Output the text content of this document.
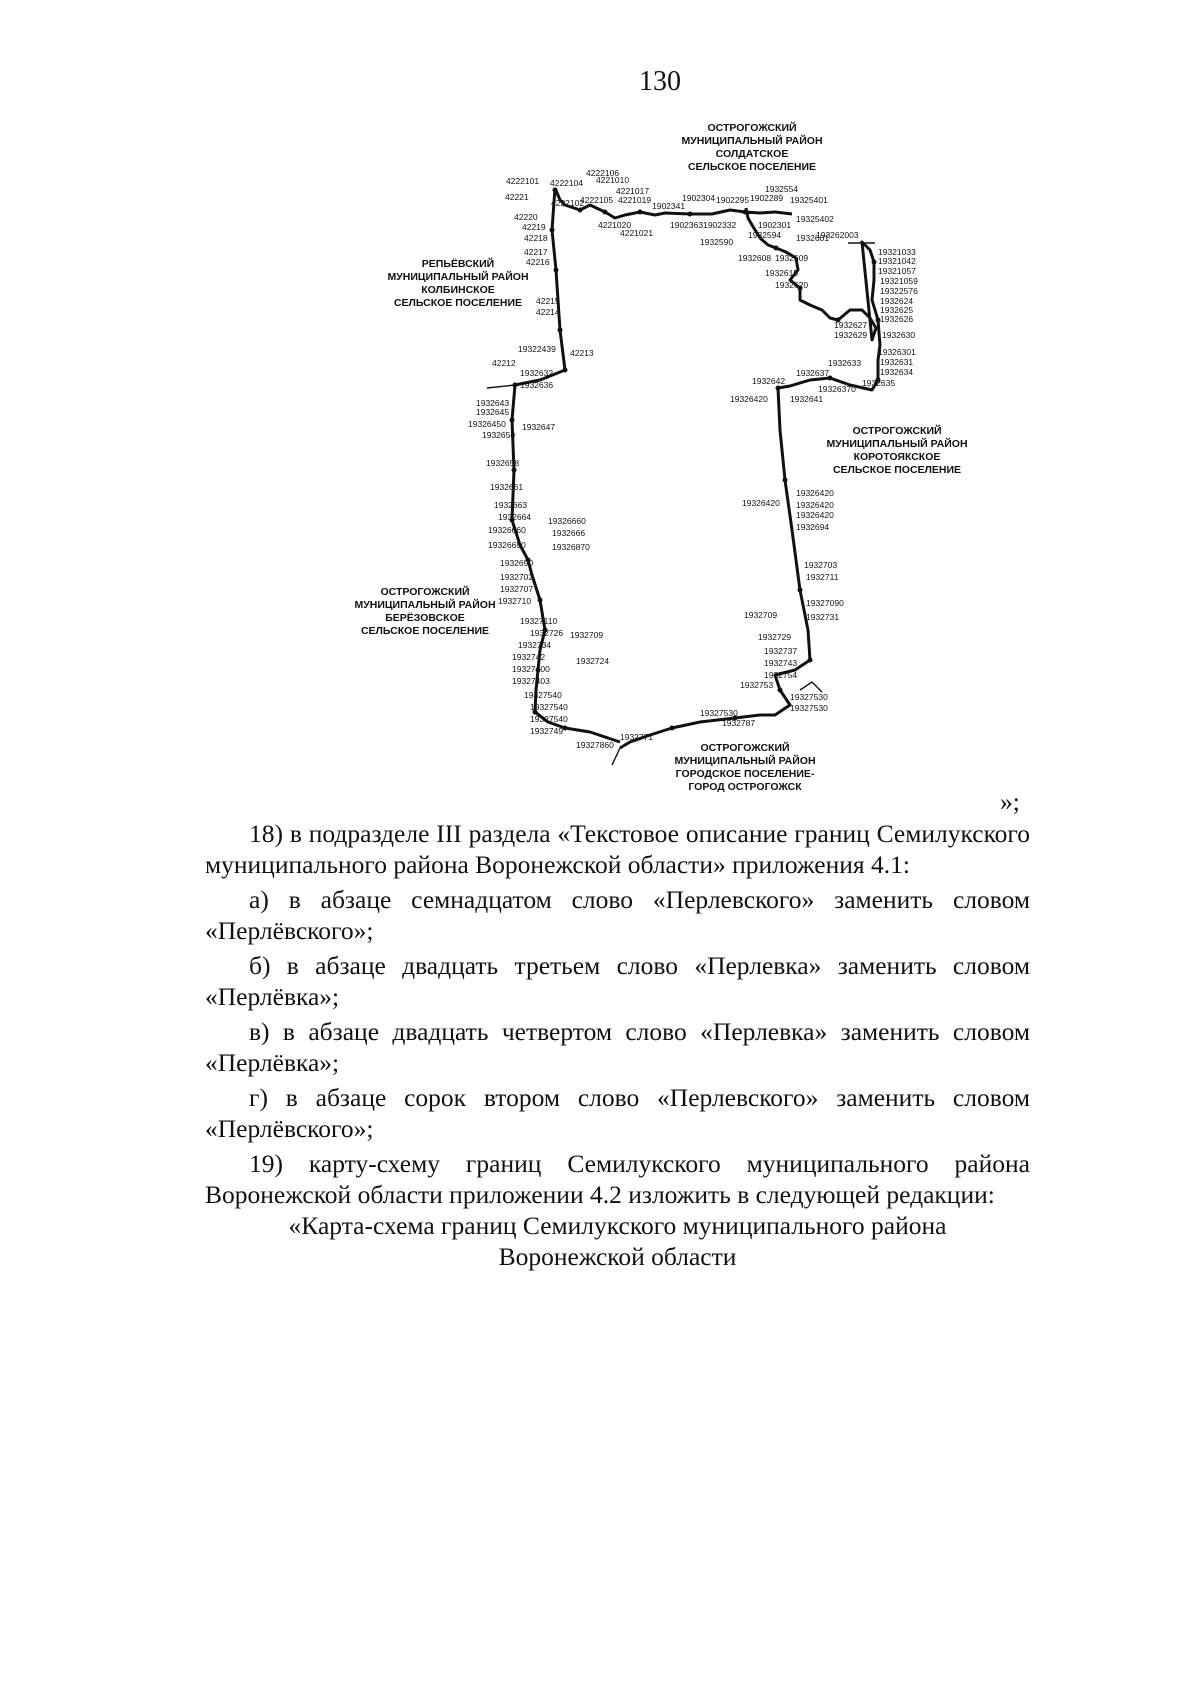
130
ОСТРОГОЖСКИЙ
МУНИЦИПАЛЬНЫЙ РАЙОН
СОЛДАТСКОЕ
СЕЛЬСКОЕ ПОСЕЛЕНИЕ
РЕПЬЁВСКИЙ
МУНИЦИПАЛЬНЫЙ РАЙОН
КОЛБИНСКОЕ
СЕЛЬСКОЕ ПОСЕЛЕНИЕ
ОСТРОГОЖСКИЙ
МУНИЦИПАЛЬНЫЙ РАЙОН
КОРОТОЯКСКОЕ
СЕЛЬСКОЕ ПОСЕЛЕНИЕ
ОСТРОГОЖСКИЙ
МУНИЦИПАЛЬНЫЙ РАЙОН
БЕРЁЗОВСКОЕ
СЕЛЬСКОЕ ПОСЕЛЕНИЕ
ОСТРОГОЖСКИЙ
МУНИЦИПАЛЬНЫЙ РАЙОН
ГОРОДСКОЕ ПОСЕЛЕНИЕ-
ГОРОД ОСТРОГОЖСК
4222101 4222104
4222106
4221010
4221017
4221019
42221
4222102
4222105	1902304 1902295 1902289
1932554
19325401
1902341
42220
42219	4221020
4221021
19023631902332	1902301
1932594
19325402
42218
42217
42216
1932590	1932601
193262003
1932608 1932609
1932615
1932620
19321033
19321042
19321057
19321059
19322576
42215
42214
1932624
1932625
1932626
1932627
1932629 1932630
19322439 42213
42212
1932632
1932636
19326301
1932631
1932634
1932633
1932637
1932635
1932642
19326370
1932643
1932645
1932650
19326450 1932647
19326420	1932641
1932658
1932661
1932663
1932664 19326660
19326660	1932666
19326690	19326870
1932690
1932702
1932707
1932710
19326420
19326420 19326420
19326420
1932694
1932703
1932711
19327110
1932726 1932709
19327090
1932709	1932731
1932734
1932742
19327400
19327403
1932724
1932729
1932737
1932743
1932754
19327540
19327540
19327540
1932749
1932753
19327530
19327530
19327530
1932787
19327860
1932771
»;

18) в подразделе III раздела «Текстовое описание границ Семилукского муниципального района Воронежской области» приложения 4.1:

а) в абзаце семнадцатом слово «Перлевского» заменить словом «Перлёвского»;

б) в абзаце двадцать третьем слово «Перлевка» заменить словом «Перлёвка»;

в) в абзаце двадцать четвертом слово «Перлевка» заменить словом «Перлёвка»;

г) в абзаце сорок втором слово «Перлевского» заменить словом «Перлёвского»;

19) карту-схему границ Семилукского муниципального района Воронежской области приложении 4.2 изложить в следующей редакции:

«Карта-схема границ Семилукского муниципального района

Воронежской области
